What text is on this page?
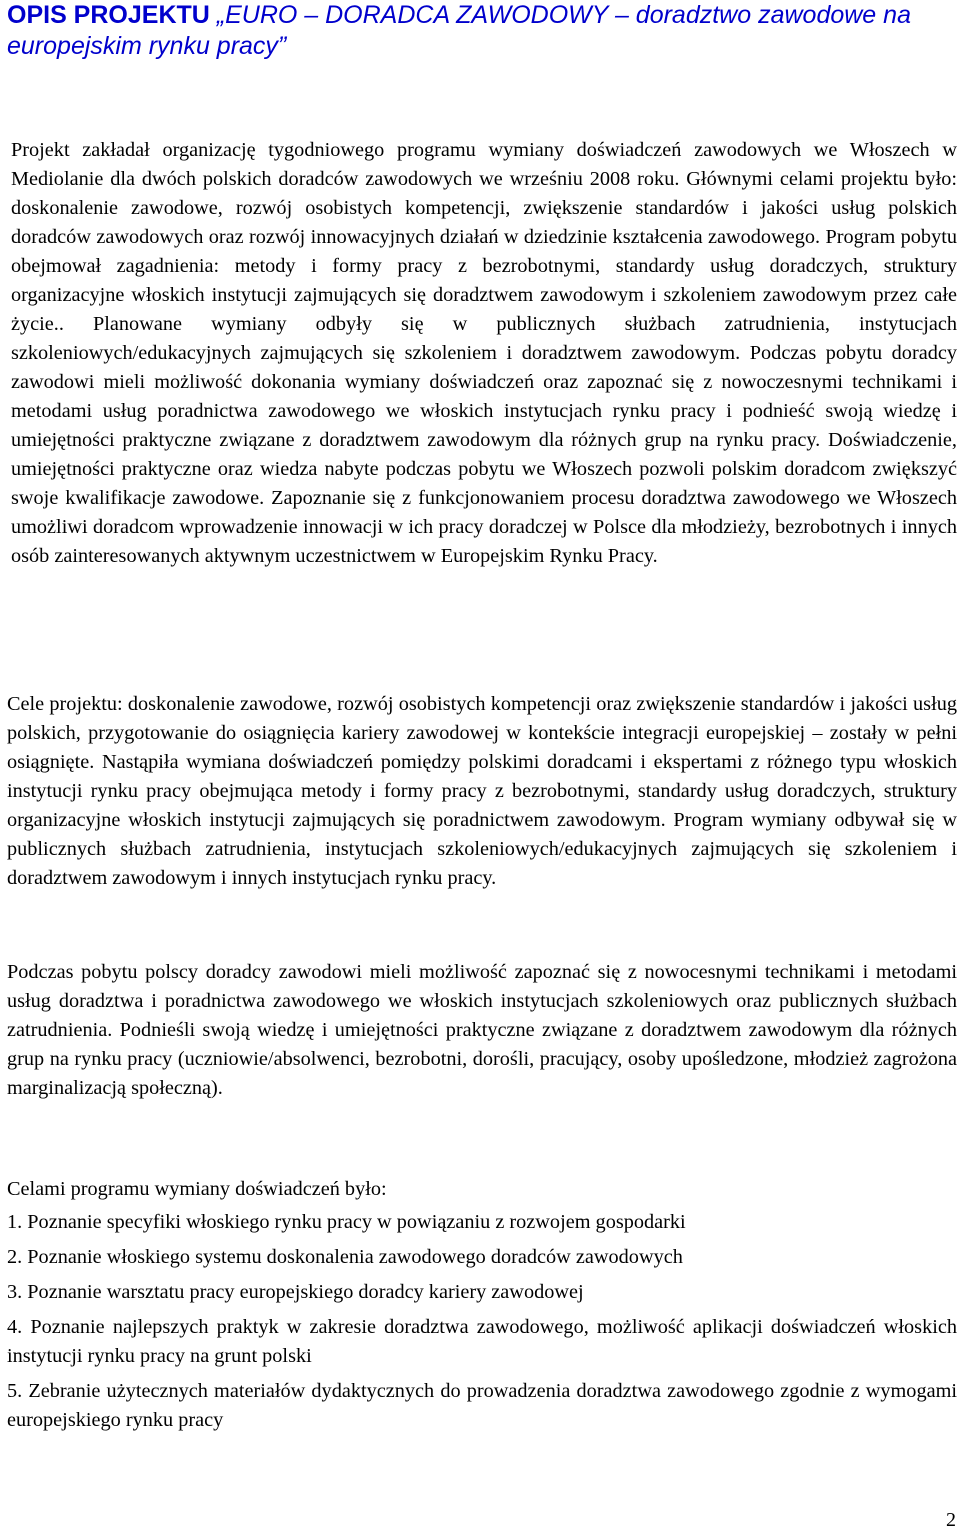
OPIS PROJEKTU „EURO – DORADCA ZAWODOWY – doradztwo zawodowe na europejskim rynku pracy”

Projekt zakładał organizację tygodniowego programu wymiany doświadczeń zawodowych we Włoszech w Mediolanie dla dwóch polskich doradców zawodowych we wrześniu 2008 roku. Głównymi celami projektu było: doskonalenie zawodowe, rozwój osobistych kompetencji, zwiększenie standardów i jakości usług polskich doradców zawodowych oraz rozwój innowacyjnych działań w dziedzinie kształcenia zawodowego. Program pobytu obejmował zagadnienia: metody i formy pracy z bezrobotnymi, standardy usług doradczych, struktury organizacyjne włoskich instytucji zajmujących się doradztwem zawodowym i szkoleniem zawodowym przez całe życie.. Planowane wymiany odbyły się w publicznych służbach zatrudnienia, instytucjach szkoleniowych/edukacyjnych zajmujących się szkoleniem i doradztwem zawodowym. Podczas pobytu doradcy zawodowi mieli możliwość dokonania wymiany doświadczeń oraz zapoznać się z nowoczesnymi technikami i metodami usług poradnictwa zawodowego we włoskich instytucjach rynku pracy i podnieść swoją wiedzę i umiejętności praktyczne związane z doradztwem zawodowym dla różnych grup na rynku pracy. Doświadczenie, umiejętności praktyczne oraz wiedza nabyte podczas pobytu we Włoszech pozwoli polskim doradcom zwiększyć swoje kwalifikacje zawodowe. Zapoznanie się z funkcjonowaniem procesu doradztwa zawodowego we Włoszech umożliwi doradcom wprowadzenie innowacji w ich pracy doradczej w Polsce dla młodzieży, bezrobotnych i innych osób zainteresowanych aktywnym uczestnictwem w Europejskim Rynku Pracy.

Cele projektu: doskonalenie zawodowe, rozwój osobistych kompetencji oraz zwiększenie standardów i jakości usług polskich, przygotowanie do osiągnięcia kariery zawodowej w kontekście integracji europejskiej – zostały w pełni osiągnięte. Nastąpiła wymiana doświadczeń pomiędzy polskimi doradcami i ekspertami z różnego typu włoskich instytucji rynku pracy obejmująca metody i formy pracy z bezrobotnymi, standardy usług doradczych, struktury organizacyjne włoskich instytucji zajmujących się poradnictwem zawodowym. Program wymiany odbywał się w publicznych służbach zatrudnienia, instytucjach szkoleniowych/edukacyjnych zajmujących się szkoleniem i doradztwem zawodowym i innych instytucjach rynku pracy.

Podczas pobytu polscy doradcy zawodowi mieli możliwość zapoznać się z nowocesnymi technikami i metodami usług doradztwa i poradnictwa zawodowego we włoskich instytucjach szkoleniowych oraz publicznych służbach zatrudnienia. Podnieśli swoją wiedzę i umiejętności praktyczne związane z doradztwem zawodowym dla różnych grup na rynku pracy (uczniowie/absolwenci, bezrobotni, dorośli, pracujący, osoby upośledzone, młodzież zagrożona marginalizacją społeczną).

Celami programu wymiany doświadczeń było:

1. Poznanie specyfiki włoskiego rynku pracy w powiązaniu z rozwojem gospodarki

2. Poznanie włoskiego systemu doskonalenia zawodowego doradców zawodowych

3. Poznanie warsztatu pracy europejskiego doradcy kariery zawodowej

4. Poznanie najlepszych praktyk w zakresie doradztwa zawodowego, możliwość aplikacji doświadczeń włoskich instytucji rynku pracy na grunt polski

5. Zebranie użytecznych materiałów dydaktycznych do prowadzenia doradztwa zawodowego zgodnie z wymogami europejskiego rynku pracy

2
